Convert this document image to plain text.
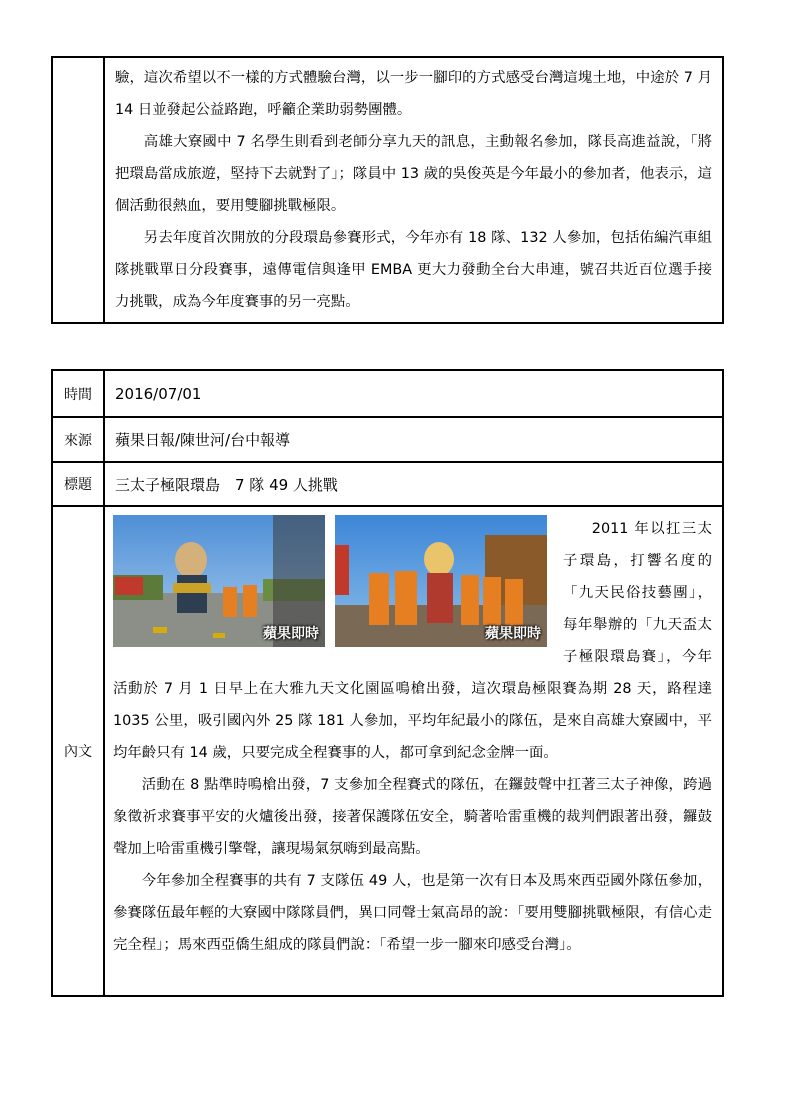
驗，這次希望以不一樣的方式體驗台灣，以一步一腳印的方式感受台灣這塊土地，中途於 7 月 14 日並發起公益路跑，呼籲企業助弱勢團體。

高雄大寮國中 7 名學生則看到老師分享九天的訊息，主動報名參加，隊長高進益說，「將把環島當成旅遊，堅持下去就對了」；隊員中 13 歲的吳俊英是今年最小的參加者，他表示，這個活動很熱血，要用雙腳挑戰極限。

另去年度首次開放的分段環島參賽形式，今年亦有 18 隊、132 人參加，包括佑編汽車組隊挑戰單日分段賽事，遠傳電信與逢甲 EMBA 更大力發動全台大串連，號召共近百位選手接力挑戰，成為今年度賽事的另一亮點。

時間	2016/07/01
來源	蘋果日報/陳世河/台中報導
標題	三太子極限環島　7 隊 49 人挑戰
內文	蘋果即時 蘋果即時

2011 年以扛三太子環島，打響名度的「九天民俗技藝團」，每年舉辦的「九天盃太子極限環島賽」，今年活動於 7 月 1 日早上在大雅九天文化園區鳴槍出發，這次環島極限賽為期 28 天，路程達 1035 公里，吸引國內外 25 隊 181 人參加，平均年紀最小的隊伍，是來自高雄大寮國中，平均年齡只有 14 歲，只要完成全程賽事的人，都可拿到紀念金牌一面。

活動在 8 點準時鳴槍出發，7 支參加全程賽式的隊伍，在鑼鼓聲中扛著三太子神像，跨過象徵祈求賽事平安的火爐後出發，接著保護隊伍安全，騎著哈雷重機的裁判們跟著出發，鑼鼓聲加上哈雷重機引擎聲，讓現場氣氛嗨到最高點。

今年參加全程賽事的共有 7 支隊伍 49 人，也是第一次有日本及馬來西亞國外隊伍參加，參賽隊伍最年輕的大寮國中隊隊員們，異口同聲士氣高昂的說：「要用雙腳挑戰極限，有信心走完全程」；馬來西亞僑生組成的隊員們說：「希望一步一腳來印感受台灣」。
